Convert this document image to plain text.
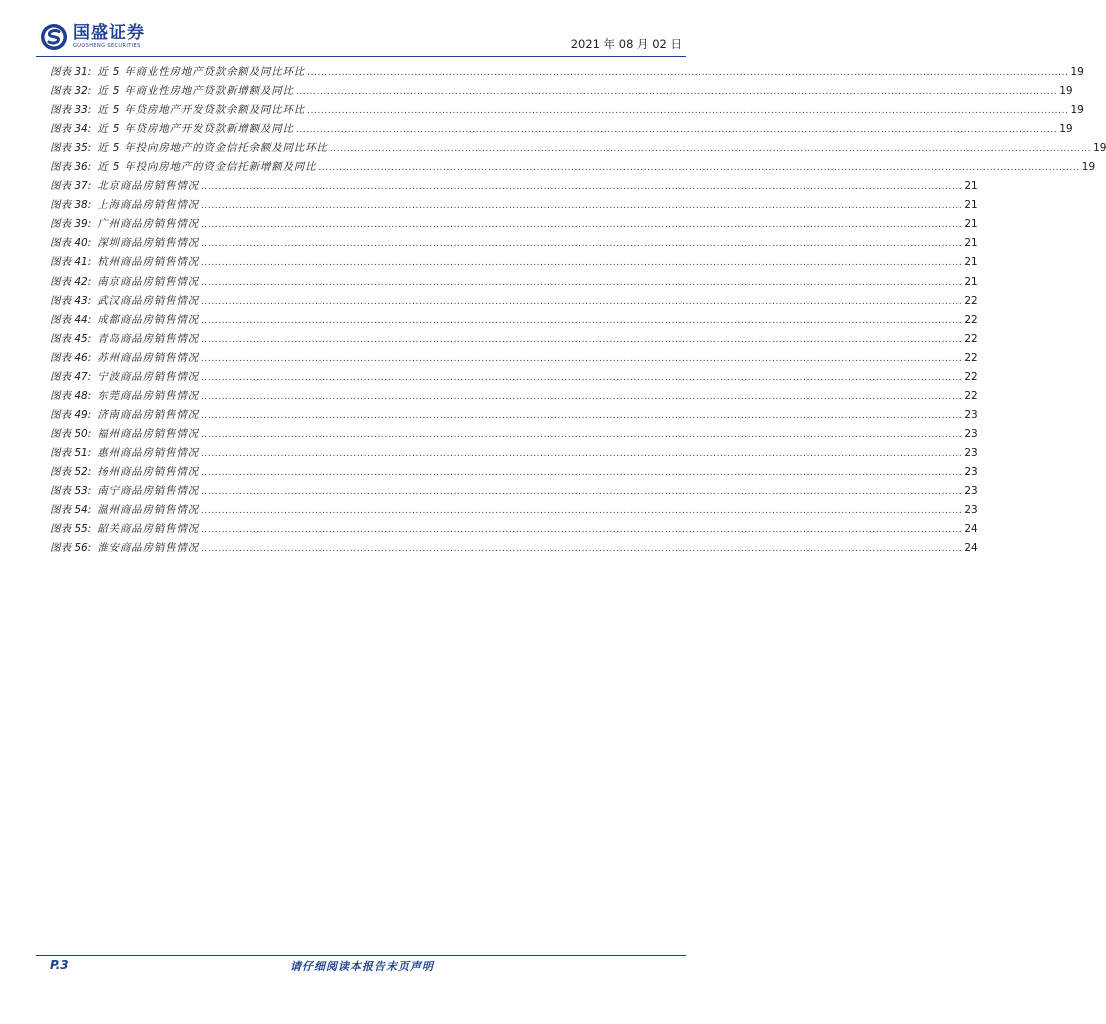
国盛证券
GUOSHENG SECURITIES	2021 年 08 月 02 日
图表 31: 近 5 年商业性房地产贷款余额及同比环比 ............................................................................................................................................................................................................................ 19
图表 32: 近 5 年商业性房地产贷款新增额及同比 ............................................................................................................................................................................................................................ 19
图表 33: 近 5 年贷房地产开发贷款余额及同比环比 ............................................................................................................................................................................................................................ 19
图表 34: 近 5 年贷房地产开发贷款新增额及同比 ............................................................................................................................................................................................................................ 19
图表 35: 近 5 年投向房地产的资金信托余额及同比环比 ............................................................................................................................................................................................................................ 19
图表 36: 近 5 年投向房地产的资金信托新增额及同比 ............................................................................................................................................................................................................................ 19
图表 37: 北京商品房销售情况 ............................................................................................................................................................................................................................ 21
图表 38: 上海商品房销售情况 ............................................................................................................................................................................................................................ 21
图表 39: 广州商品房销售情况 ............................................................................................................................................................................................................................ 21
图表 40: 深圳商品房销售情况 ............................................................................................................................................................................................................................ 21
图表 41: 杭州商品房销售情况 ............................................................................................................................................................................................................................ 21
图表 42: 南京商品房销售情况 ............................................................................................................................................................................................................................ 21
图表 43: 武汉商品房销售情况 ............................................................................................................................................................................................................................ 22
图表 44: 成都商品房销售情况 ............................................................................................................................................................................................................................ 22
图表 45: 青岛商品房销售情况 ............................................................................................................................................................................................................................ 22
图表 46: 苏州商品房销售情况 ............................................................................................................................................................................................................................ 22
图表 47: 宁波商品房销售情况 ............................................................................................................................................................................................................................ 22
图表 48: 东莞商品房销售情况 ............................................................................................................................................................................................................................ 22
图表 49: 济南商品房销售情况 ............................................................................................................................................................................................................................ 23
图表 50: 福州商品房销售情况 ............................................................................................................................................................................................................................ 23
图表 51: 惠州商品房销售情况 ............................................................................................................................................................................................................................ 23
图表 52: 扬州商品房销售情况 ............................................................................................................................................................................................................................ 23
图表 53: 南宁商品房销售情况 ............................................................................................................................................................................................................................ 23
图表 54: 温州商品房销售情况 ............................................................................................................................................................................................................................ 23
图表 55: 韶关商品房销售情况 ............................................................................................................................................................................................................................ 24
图表 56: 淮安商品房销售情况 ............................................................................................................................................................................................................................ 24
P.3	请仔细阅读本报告末页声明
